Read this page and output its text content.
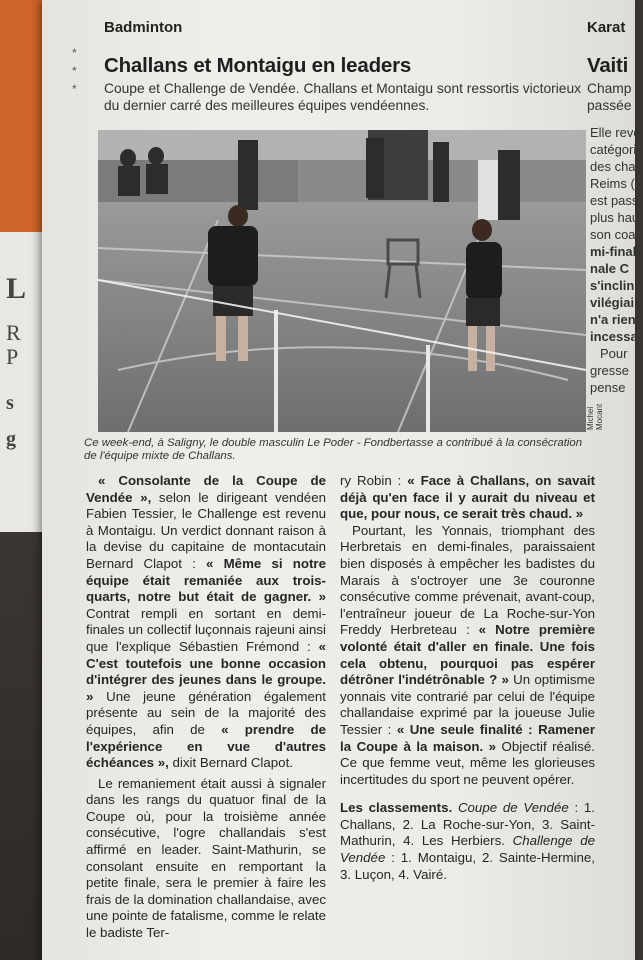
L
R
P
s
g
Badminton	Karat
*
*
*
Challans et Montaigu en leaders	Vaiti
Coupe et Challenge de Vendée. Challans et Montaigu sont ressortis victorieux du dernier carré des meilleures équipes vendéennes.
Champ
passée
Michel Mocant
Ce week-end, à Saligny, le double masculin Le Poder - Fondbertasse a contribué à la consécration de l'équipe mixte de Challans.

« Consolante de la Coupe de Vendée », selon le dirigeant vendéen Fabien Tessier, le Challenge est revenu à Montaigu. Un verdict donnant raison à la devise du capitaine de montacutain Bernard Clapot : « Même si notre équipe était remaniée aux trois-quarts, notre but était de gagner. » Contrat rempli en sortant en demi-finales un collectif luçonnais rajeuni ainsi que l'explique Sébastien Frémond : « C'est toutefois une bonne occasion d'intégrer des jeunes dans le groupe. » Une jeune génération également présente au sein de la majorité des équipes, afin de « prendre de l'expérience en vue d'autres échéances », dixit Bernard Clapot.

Le remaniement était aussi à signaler dans les rangs du quatuor final de la Coupe où, pour la troisième année consécutive, l'ogre challandais s'est affirmé en leader. Saint-Mathurin, se consolant ensuite en remportant la petite finale, sera le premier à faire les frais de la domination challandaise, avec une pointe de fatalisme, comme le relate le badiste Ter-

ry Robin : « Face à Challans, on savait déjà qu'en face il y aurait du niveau et que, pour nous, ce serait très chaud. »

Pourtant, les Yonnais, triomphant des Herbretais en demi-finales, paraissaient bien disposés à empêcher les badistes du Marais à s'octroyer une 3e couronne consécutive comme prévenait, avant-coup, l'entraîneur joueur de La Roche-sur-Yon Freddy Herbreteau : « Notre première volonté était d'aller en finale. Une fois cela obtenu, pourquoi pas espérer détrôner l'indétrônable ? » Un optimisme yonnais vite contrarié par celui de l'équipe challandaise exprimé par la joueuse Julie Tessier : « Une seule finalité : Ramener la Coupe à la maison. » Objectif réalisé. Ce que femme veut, même les glorieuses incertitudes du sport ne peuvent opérer.

Les classements. Coupe de Vendée : 1. Challans, 2. La Roche-sur-Yon, 3. Saint-Mathurin, 4. Les Herbiers. Challenge de Vendée : 1. Montaigu, 2. Sainte-Hermine, 3. Luçon, 4. Vairé.

Elle reve
catégori
des cha
Reims (
est pass
plus hau
son coa
mi-finale
nale C
s'inclin
vilégiai
n'a rien
incessa
Pour
gresse
pense
